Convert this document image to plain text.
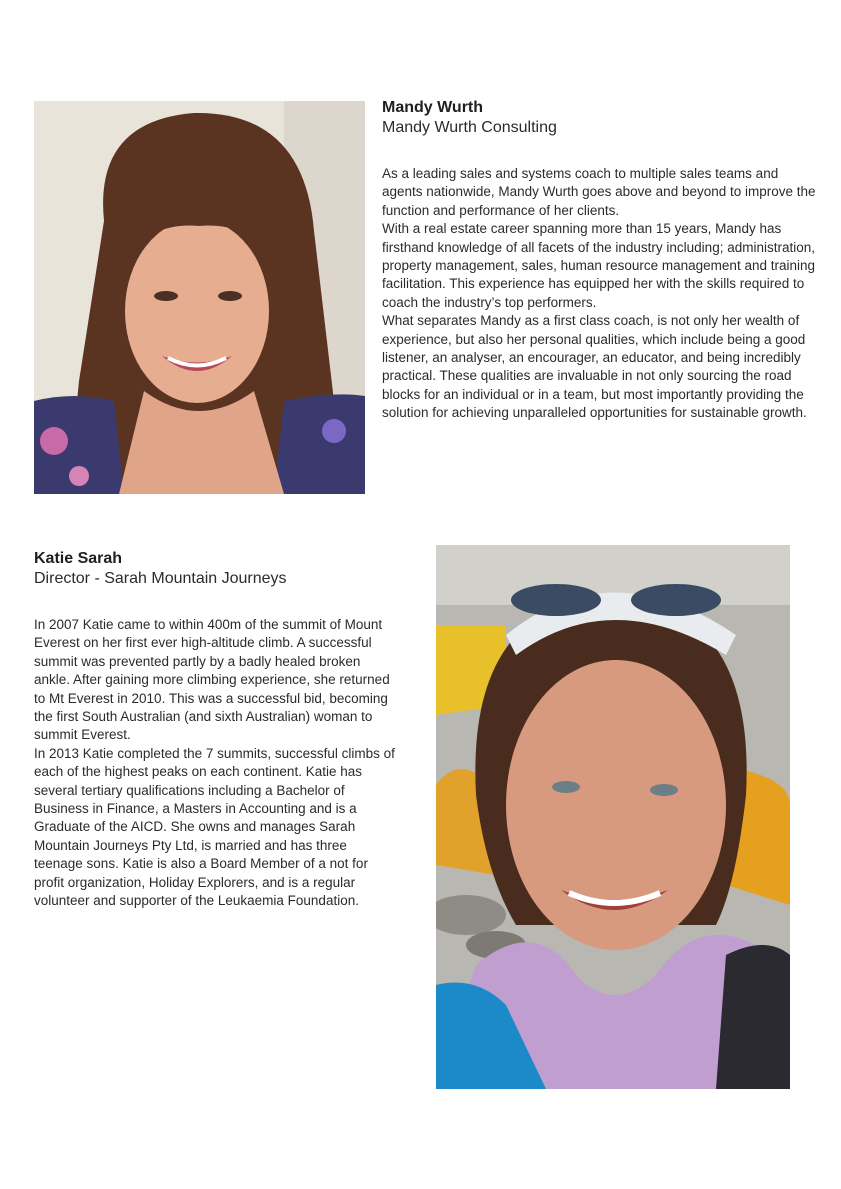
Mandy Wurth

Mandy Wurth Consulting

As a leading sales and systems coach to multiple sales teams and agents nationwide, Mandy Wurth goes above and beyond to improve the function and performance of her clients.

With a real estate career spanning more than 15 years, Mandy has firsthand knowledge of all facets of the industry including; administration, property management, sales, human resource management and training facilitation. This experience has equipped her with the skills required to coach the industry’s top performers.

What separates Mandy as a first class coach, is not only her wealth of experience, but also her personal qualities, which include being a good listener, an analyser, an encourager, an educator, and being incredibly practical. These qualities are invaluable in not only sourcing the road blocks for an individual or in a team, but most importantly providing the solution for achieving unparalleled opportunities for sustainable growth.

Katie Sarah

Director - Sarah Mountain Journeys

In 2007 Katie came to within 400m of the summit of Mount Everest on her first ever high-altitude climb. A successful summit was prevented partly by a badly healed broken ankle. After gaining more climbing experience, she returned to Mt Everest in 2010. This was a successful bid, becoming the first South Australian (and sixth Australian) woman to summit Everest.

In 2013 Katie completed the 7 summits, successful climbs of each of the highest peaks on each continent. Katie has several tertiary qualifications including a Bachelor of Business in Finance, a Masters in Accounting and is a Graduate of the AICD. She owns and manages Sarah Mountain Journeys Pty Ltd, is married and has three teenage sons. Katie is also a Board Member of a not for profit organization, Holiday Explorers, and is a regular volunteer and supporter of the Leukaemia Foundation.
